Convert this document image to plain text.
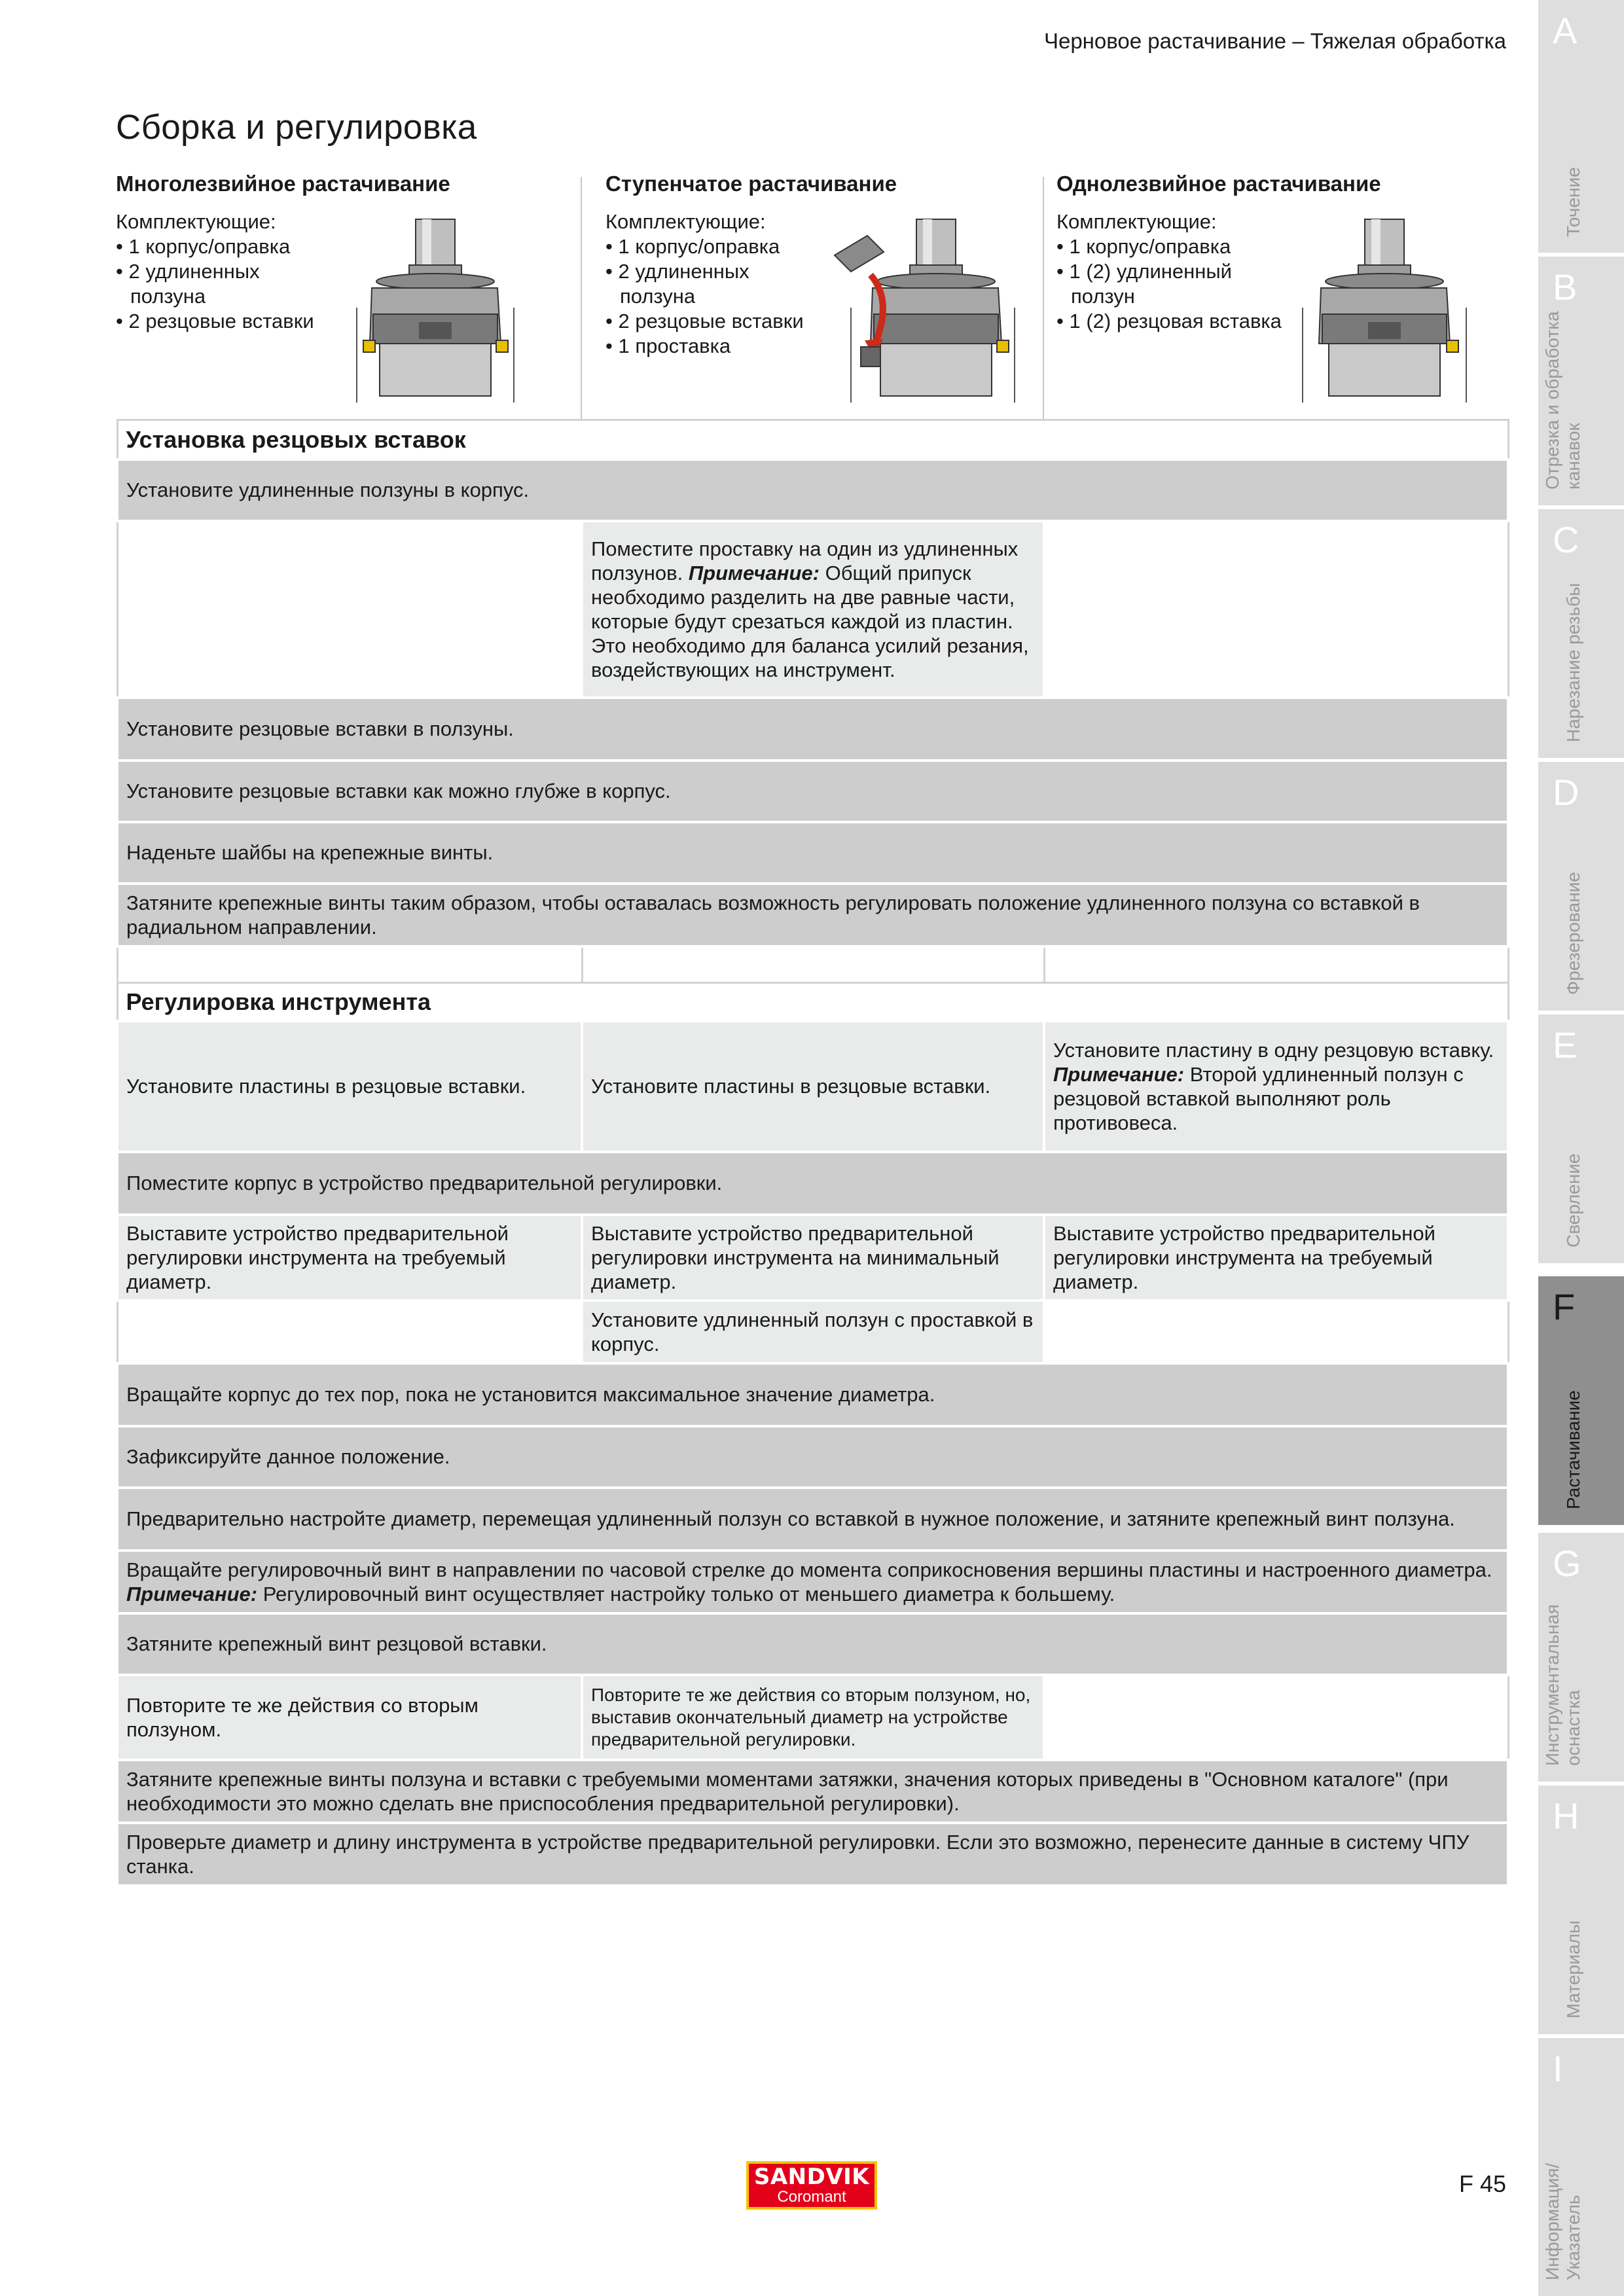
Черновое растачивание – Тяжелая обработка
Сборка и регулировка
Многолезвийное растачивание
Комплектующие:
• 1 корпус/оправка
• 2 удлиненных ползуна
• 2 резцовые вставки
Ступенчатое растачивание
Комплектующие:
• 1 корпус/оправка
• 2 удлиненных ползуна
• 2 резцовые вставки
• 1 проставка
Однолезвийное растачивание
Комплектующие:
• 1 корпус/оправка
• 1 (2) удлиненный ползун
• 1 (2) резцовая вставка
Установка резцовых вставок		
Установите удлиненные ползуны в корпус.		
	Поместите проставку на один из удлиненных ползунов. Примечание: Общий припуск необходимо разделить на две равные части, которые будут срезаться каждой из пластин. Это необходимо для баланса усилий резания, воздействующих на инструмент.	
Установите резцовые вставки в ползуны.		
Установите резцовые вставки как можно глубже в корпус.		
Наденьте шайбы на крепежные винты.		
Затяните крепежные винты таким образом, чтобы оставалась возможность регулировать положение удлиненного ползуна со вставкой в радиальном направлении.		

Регулировка инструмента		
Установите пластины в резцовые вставки.	Установите пластины в резцовые вставки.	Установите пластину в одну резцовую вставку. Примечание: Второй удлиненный ползун с резцовой вставкой выполняют роль противовеса.
Поместите корпус в устройство предварительной регулировки.		
Выставите устройство предварительной регулировки инструмента на требуемый диаметр.	Выставите устройство предварительной регулировки инструмента на минимальный диаметр.	Выставите устройство предварительной регулировки инструмента на требуемый диаметр.
	Установите удлиненный ползун с проставкой в корпус.	
Вращайте корпус до тех пор, пока не установится максимальное значение диаметра.		
Зафиксируйте данное положение.		
Предварительно настройте диаметр, перемещая удлиненный ползун со вставкой в нужное положение, и затяните крепежный винт ползуна.		
Вращайте регулировочный винт в направлении по часовой стрелке до момента соприкосновения вершины пластины и настроенного диаметра. Примечание: Регулировочный винт осуществляет настройку только от меньшего диаметра к большему.		
Затяните крепежный винт резцовой вставки.		
Повторите те же действия со вторым ползуном.	Повторите те же действия со вторым ползуном, но, выставив окончательный диаметр на устройстве предварительной регулировки.	
Затяните крепежные винты ползуна и вставки с требуемыми моментами затяжки, значения которых приведены в "Основном каталоге" (при необходимости это можно сделать вне приспособления предварительной регулировки).		
Проверьте диаметр и длину инструмента в устройстве предварительной регулировки. Если это возможно, перенесите данные в систему ЧПУ станка.		
A
Точение
B
Отрезка и обработка канавок
C
Нарезание резьбы
D
Фрезерование
E
Сверление
F
Растачивание
G
Инструментальная оснастка
H
Материалы
I
Информация/ Указатель
SANDVIK
Coromant	F 45
